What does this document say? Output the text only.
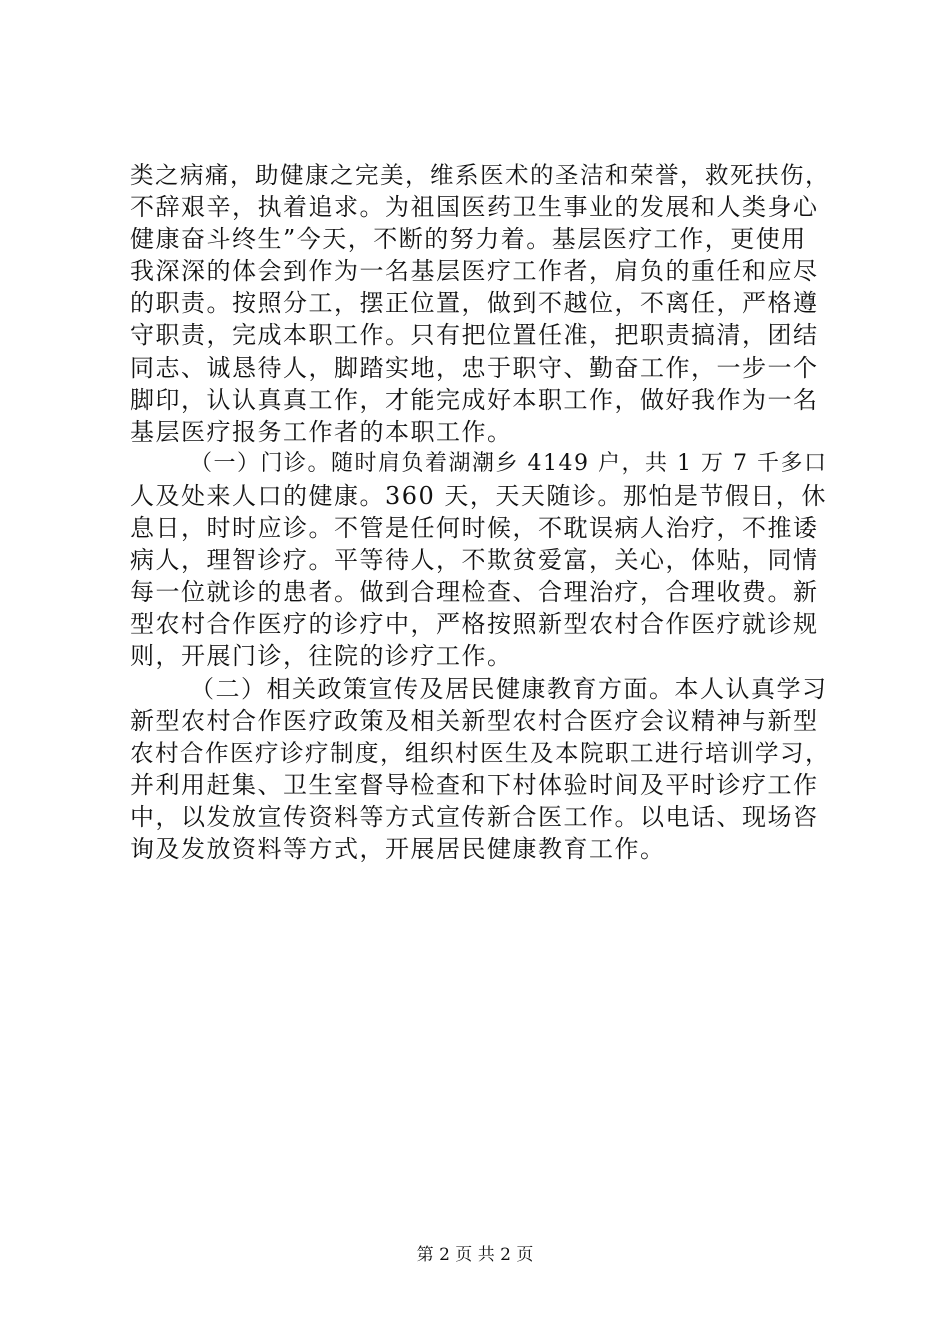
类之病痛，助健康之完美，维系医术的圣洁和荣誉，救死扶伤，
不辞艰辛，执着追求。为祖国医药卫生事业的发展和人类身心
健康奋斗终生”今天，不断的努力着。基层医疗工作，更使用
我深深的体会到作为一名基层医疗工作者，肩负的重任和应尽
的职责。按照分工，摆正位置，做到不越位，不离任，严格遵
守职责，完成本职工作。只有把位置任准，把职责搞清，团结
同志、诚恳待人，脚踏实地，忠于职守、勤奋工作，一步一个
脚印，认认真真工作，才能完成好本职工作，做好我作为一名
基层医疗报务工作者的本职工作。
（一）门诊。随时肩负着湖潮乡 4149 户，共 1 万 7 千多口
人及处来人口的健康。360 天，天天随诊。那怕是节假日，休
息日，时时应诊。不管是任何时候，不耽误病人治疗，不推诿
病人，理智诊疗。平等待人，不欺贫爱富，关心，体贴，同情
每一位就诊的患者。做到合理检查、合理治疗，合理收费。新
型农村合作医疗的诊疗中，严格按照新型农村合作医疗就诊规
则，开展门诊，往院的诊疗工作。
（二）相关政策宣传及居民健康教育方面。本人认真学习
新型农村合作医疗政策及相关新型农村合医疗会议精神与新型
农村合作医疗诊疗制度，组织村医生及本院职工进行培训学习，
并利用赶集、卫生室督导检查和下村体验时间及平时诊疗工作
中，以发放宣传资料等方式宣传新合医工作。以电话、现场咨
询及发放资料等方式，开展居民健康教育工作。
第 2 页 共 2 页
